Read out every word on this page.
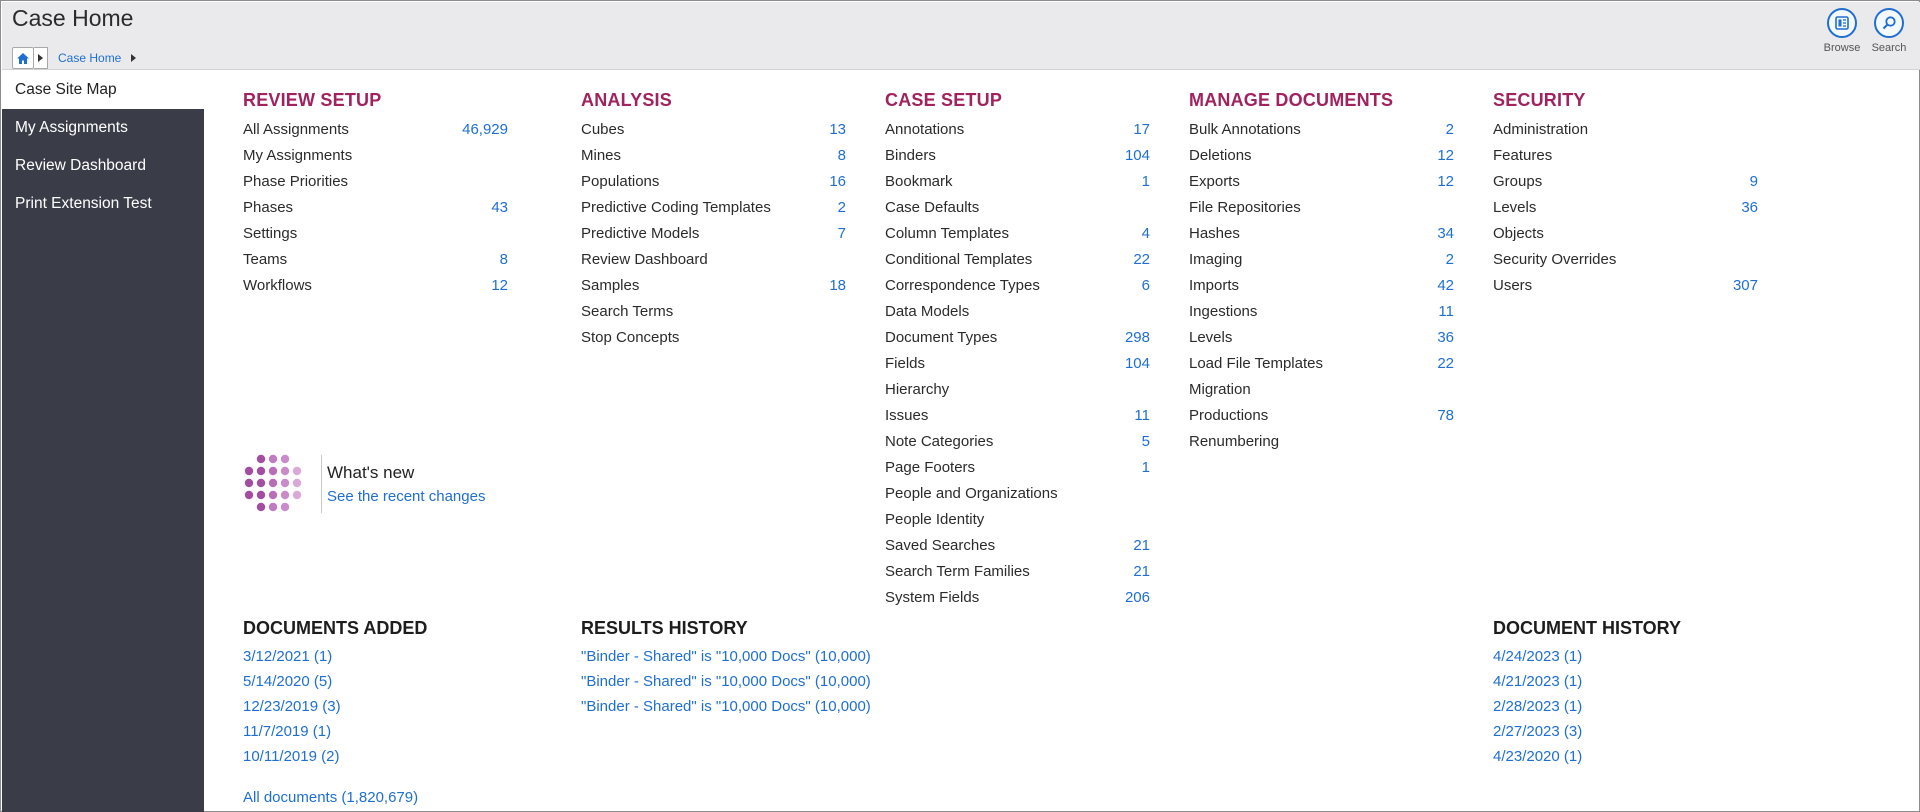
Case Home
Case Home
Browse Search
Case Site Map
My Assignments
Review Dashboard
Print Extension Test
REVIEW SETUP
All Assignments	46,929
My Assignments
Phase Priorities
Phases	43
Settings
Teams	8
Workflows	12
ANALYSIS
Cubes	13
Mines	8
Populations	16
Predictive Coding Templates	2
Predictive Models	7
Review Dashboard
Samples	18
Search Terms
Stop Concepts
CASE SETUP
Annotations	17
Binders	104
Bookmark	1
Case Defaults
Column Templates	4
Conditional Templates	22
Correspondence Types	6
Data Models
Document Types	298
Fields	104
Hierarchy
Issues	11
Note Categories	5
Page Footers	1
People and Organizations
People Identity
Saved Searches	21
Search Term Families	21
System Fields	206
MANAGE DOCUMENTS
Bulk Annotations	2
Deletions	12
Exports	12
File Repositories
Hashes	34
Imaging	2
Imports	42
Ingestions	11
Levels	36
Load File Templates	22
Migration
Productions	78
Renumbering
SECURITY
Administration
Features
Groups	9
Levels	36
Objects
Security Overrides
Users	307
What's new
See the recent changes
DOCUMENTS ADDED
3/12/2021 (1)
5/14/2020 (5)
12/23/2019 (3)
11/7/2019 (1)
10/11/2019 (2)
All documents (1,820,679)
RESULTS HISTORY
"Binder - Shared" is "10,000 Docs" (10,000)
"Binder - Shared" is "10,000 Docs" (10,000)
"Binder - Shared" is "10,000 Docs" (10,000)
DOCUMENT HISTORY
4/24/2023 (1)
4/21/2023 (1)
2/28/2023 (1)
2/27/2023 (3)
4/23/2020 (1)
